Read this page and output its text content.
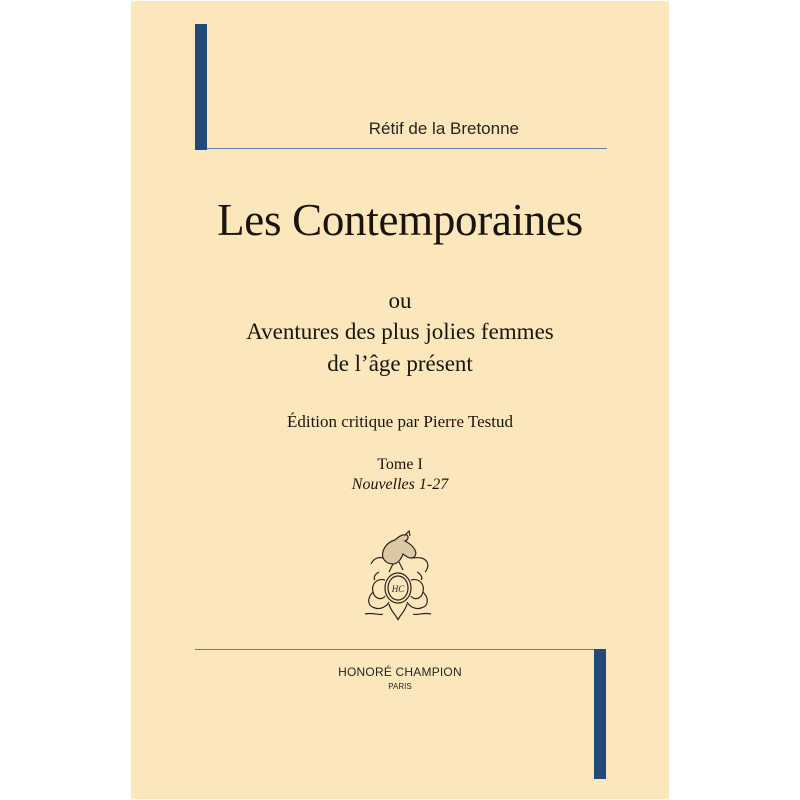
Rétif de la Bretonne
Les Contemporaines
ou
Aventures des plus jolies femmes
de l’âge présent
Édition critique par Pierre Testud
Tome I
Nouvelles 1-27
HC
HONORÉ CHAMPION
PARIS
